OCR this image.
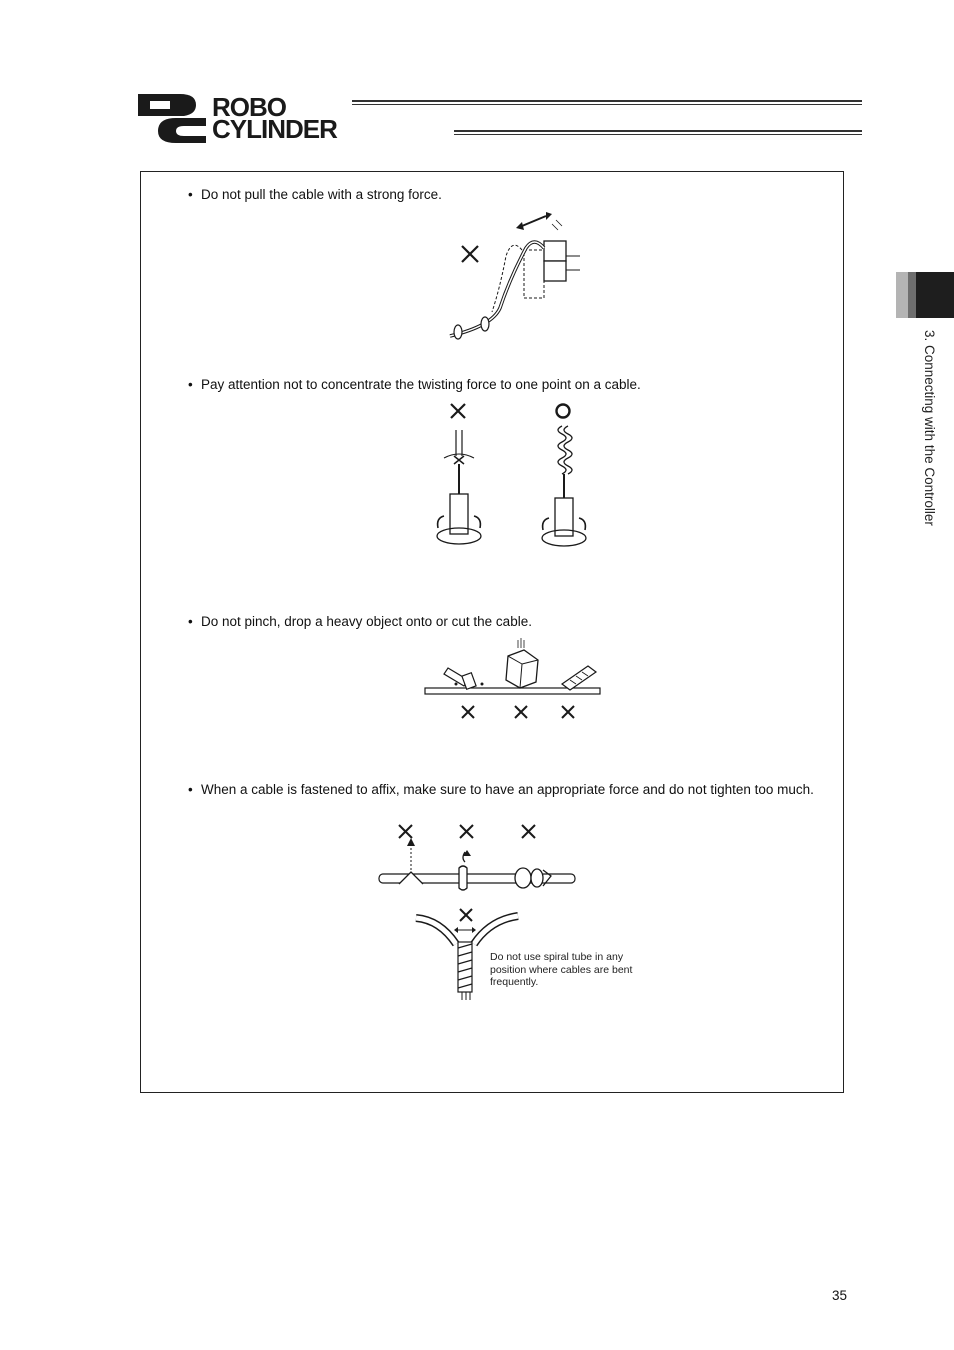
ROBO
CYLINDER
3. Connecting with the Controller
• Do not pull the cable with a strong force.
• Pay attention not to concentrate the twisting force to one point on a cable.
• Do not pinch, drop a heavy object onto or cut the cable.
• When a cable is fastened to affix, make sure to have an appropriate force and do not tighten too much.
Do not use spiral tube in any position where cables are bent frequently.
35
